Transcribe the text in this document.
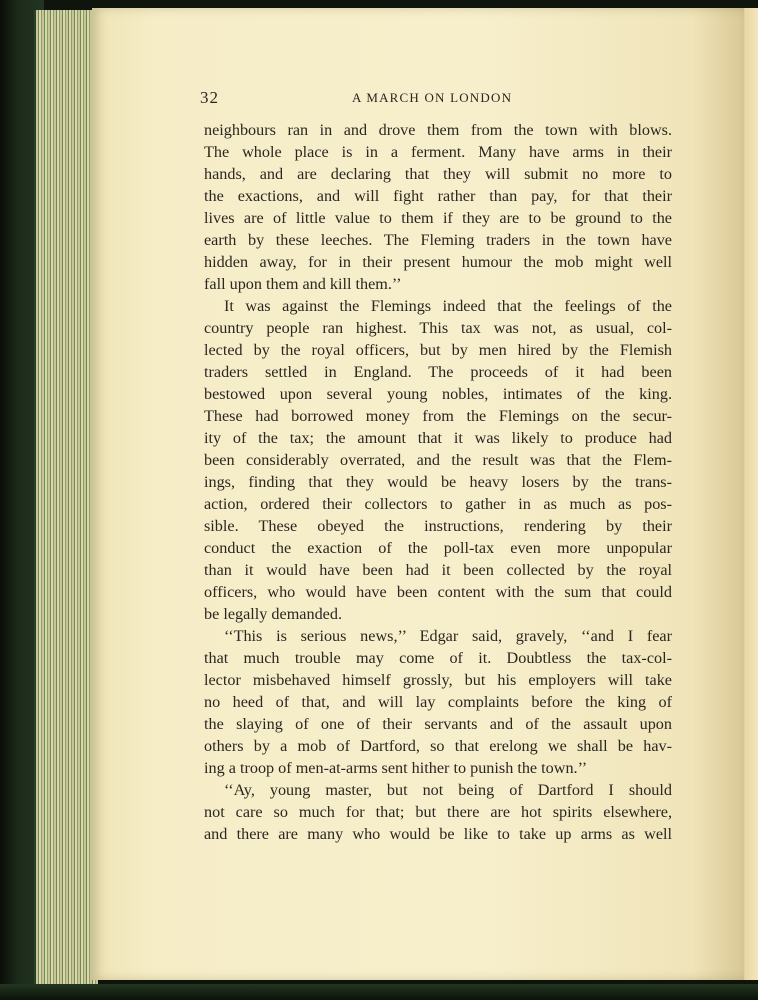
32	A MARCH ON LONDON
neighbours ran in and drove them from the town with blows.
The whole place is in a ferment. Many have arms in their
hands, and are declaring that they will submit no more to
the exactions, and will fight rather than pay, for that their
lives are of little value to them if they are to be ground to the
earth by these leeches. The Fleming traders in the town have
hidden away, for in their present humour the mob might well
fall upon them and kill them.’’
It was against the Flemings indeed that the feelings of the
country people ran highest. This tax was not, as usual, col-
lected by the royal officers, but by men hired by the Flemish
traders settled in England. The proceeds of it had been
bestowed upon several young nobles, intimates of the king.
These had borrowed money from the Flemings on the secur-
ity of the tax; the amount that it was likely to produce had
been considerably overrated, and the result was that the Flem-
ings, finding that they would be heavy losers by the trans-
action, ordered their collectors to gather in as much as pos-
sible. These obeyed the instructions, rendering by their
conduct the exaction of the poll-tax even more unpopular
than it would have been had it been collected by the royal
officers, who would have been content with the sum that could
be legally demanded.
‘‘This is serious news,’’ Edgar said, gravely, ‘‘and I fear
that much trouble may come of it. Doubtless the tax-col-
lector misbehaved himself grossly, but his employers will take
no heed of that, and will lay complaints before the king of
the slaying of one of their servants and of the assault upon
others by a mob of Dartford, so that erelong we shall be hav-
ing a troop of men-at-arms sent hither to punish the town.’’
‘‘Ay, young master, but not being of Dartford I should
not care so much for that; but there are hot spirits elsewhere,
and there are many who would be like to take up arms as well
